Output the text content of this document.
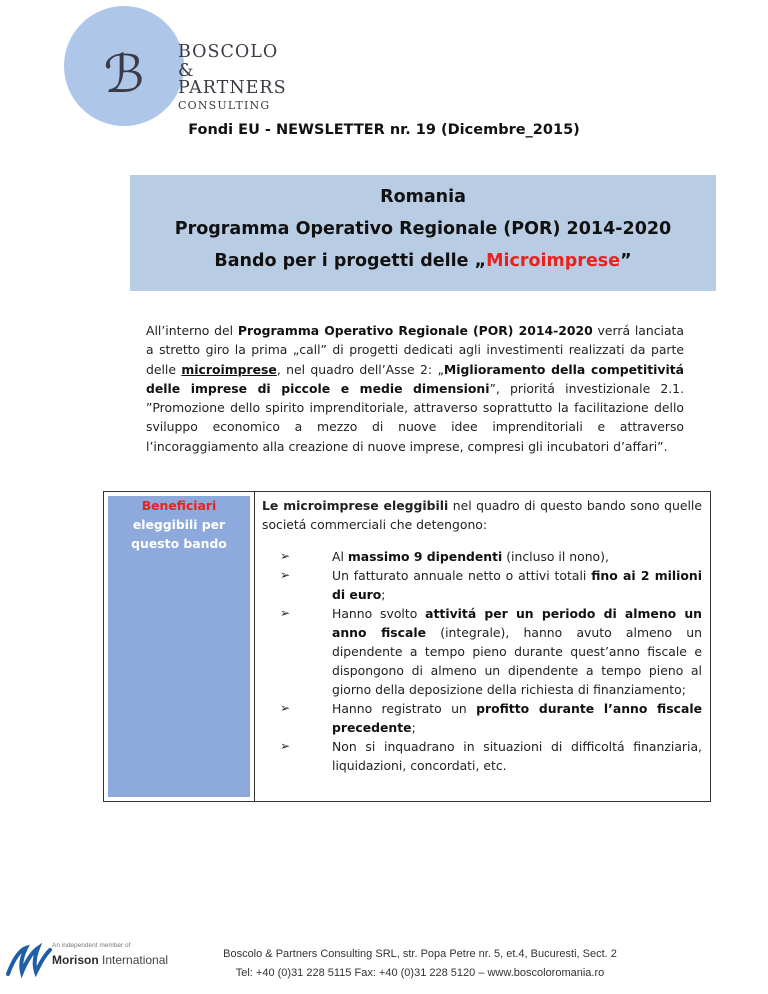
ℬ BOSCOLO
& PARTNERS
CONSULTING
Fondi EU - NEWSLETTER nr. 19 (Dicembre_2015)
Romania
Programma Operativo Regionale (POR) 2014-2020
Bando per i progetti delle „Microimprese”
All’interno del Programma Operativo Regionale (POR) 2014-2020 verrá lanciata a stretto giro la prima „call” di progetti dedicati agli investimenti realizzati da parte delle microimprese, nel quadro dell’Asse 2: „Miglioramento della competitivitá delle imprese di piccole e medie dimensioni”, prioritá investizionale 2.1. ”Promozione dello spirito imprenditoriale, attraverso soprattutto la facilitazione dello sviluppo economico a mezzo di nuove idee imprenditoriali e attraverso l’incoraggiamento alla creazione di nuove imprese, compresi gli incubatori d’affari”.
Beneficiari
eleggibili per
questo bando
Le microimprese eleggibili nel quadro di questo bando sono quelle societá commerciali che detengono:
➢	Al massimo 9 dipendenti (incluso il nono),
➢	Un fatturato annuale netto o attivi totali fino ai 2 milioni di euro;
➢	Hanno svolto attivitá per un periodo di almeno un anno fiscale (integrale), hanno avuto almeno un dipendente a tempo pieno durante quest’anno fiscale e dispongono di almeno un dipendente a tempo pieno al giorno della deposizione della richiesta di finanziamento;
➢	Hanno registrato un profitto durante l’anno fiscale precedente;
➢	Non si inquadrano in situazioni di difficoltá finanziaria, liquidazioni, concordati, etc.
An independent member of
Morison International	Boscolo & Partners Consulting SRL, str. Popa Petre nr. 5, et.4, Bucuresti, Sect. 2
Tel: +40 (0)31 228 5115 Fax: +40 (0)31 228 5120 – www.boscoloromania.ro
